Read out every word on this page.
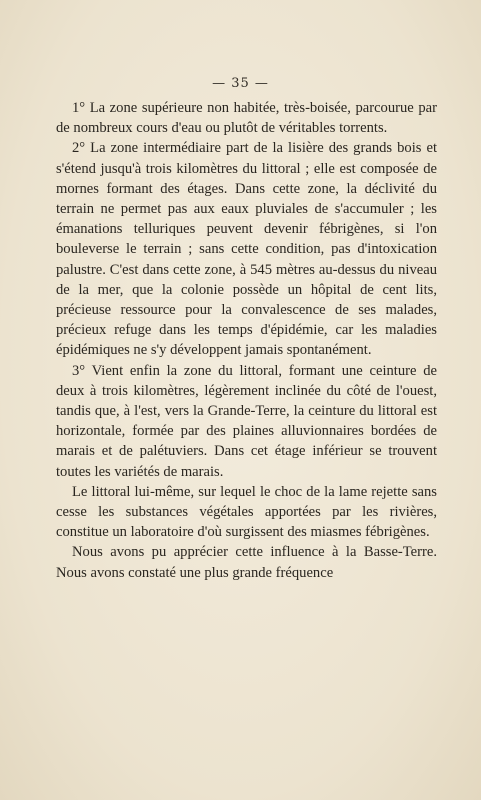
— 35 —

1° La zone supérieure non habitée, très-boisée, parcourue par de nombreux cours d'eau ou plutôt de véritables torrents.

2° La zone intermédiaire part de la lisière des grands bois et s'étend jusqu'à trois kilomètres du littoral ; elle est composée de mornes formant des étages. Dans cette zone, la déclivité du terrain ne permet pas aux eaux pluviales de s'accumuler ; les émanations telluriques peuvent devenir fébrigènes, si l'on bouleverse le terrain ; sans cette condition, pas d'intoxication palustre. C'est dans cette zone, à 545 mètres au-dessus du niveau de la mer, que la colonie possède un hôpital de cent lits, précieuse ressource pour la convalescence de ses malades, précieux refuge dans les temps d'épidémie, car les maladies épidémiques ne s'y développent jamais spontanément.

3° Vient enfin la zone du littoral, formant une ceinture de deux à trois kilomètres, légèrement inclinée du côté de l'ouest, tandis que, à l'est, vers la Grande-Terre, la ceinture du littoral est horizontale, formée par des plaines alluvionnaires bordées de marais et de palétuviers. Dans cet étage inférieur se trouvent toutes les variétés de marais.

Le littoral lui-même, sur lequel le choc de la lame rejette sans cesse les substances végétales apportées par les rivières, constitue un laboratoire d'où surgissent des miasmes fébrigènes.

Nous avons pu apprécier cette influence à la Basse-Terre. Nous avons constaté une plus grande fréquence
